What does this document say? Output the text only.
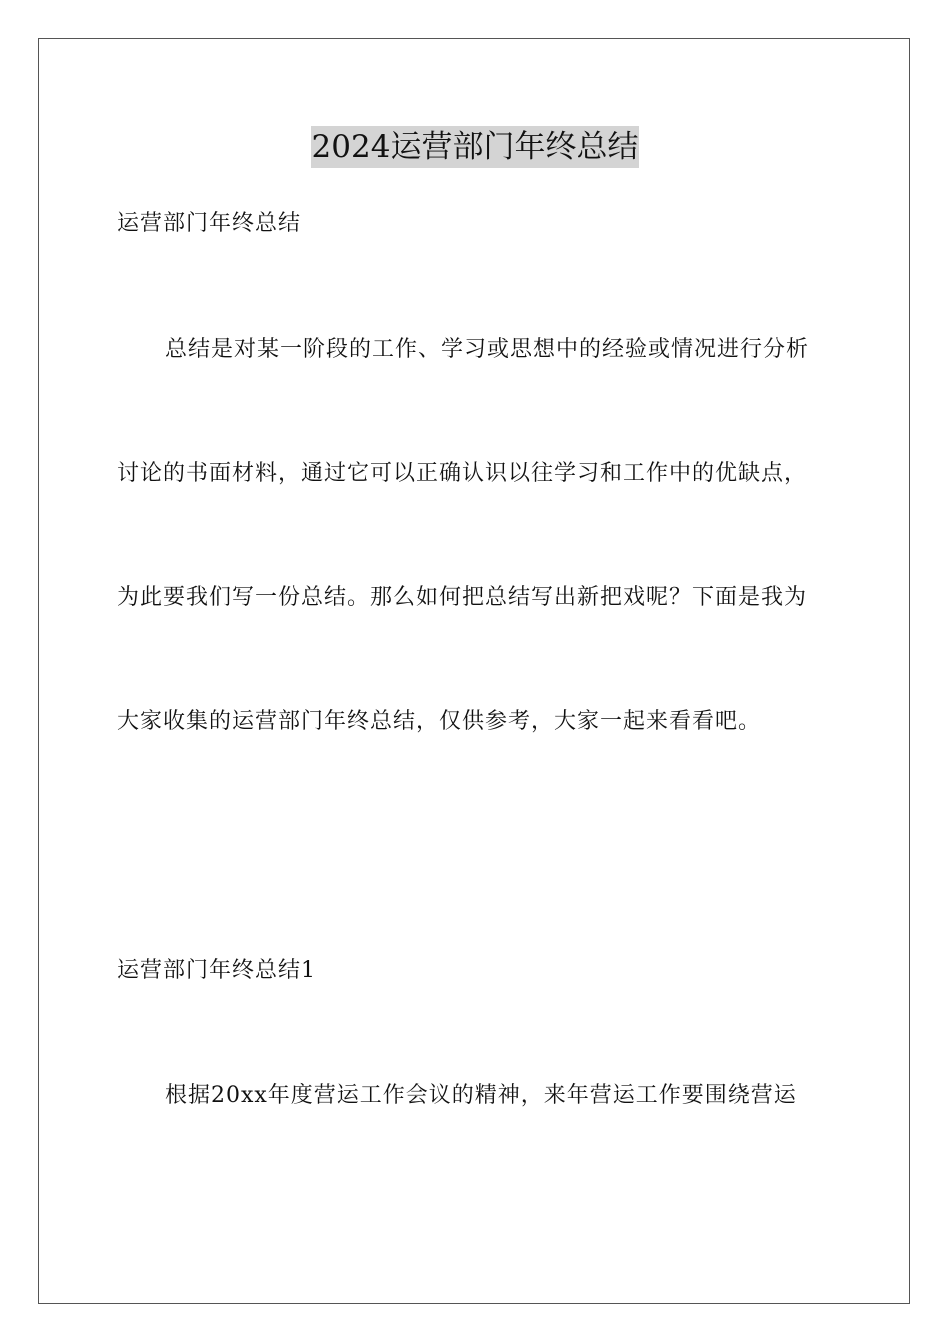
2024运营部门年终总结
运营部门年终总结
总结是对某一阶段的工作、学习或思想中的经验或情况进行分析
讨论的书面材料，通过它可以正确认识以往学习和工作中的优缺点，
为此要我们写一份总结。那么如何把总结写出新把戏呢？下面是我为
大家收集的运营部门年终总结，仅供参考，大家一起来看看吧。
运营部门年终总结1
根据20xx年度营运工作会议的精神，来年营运工作要围绕营运
